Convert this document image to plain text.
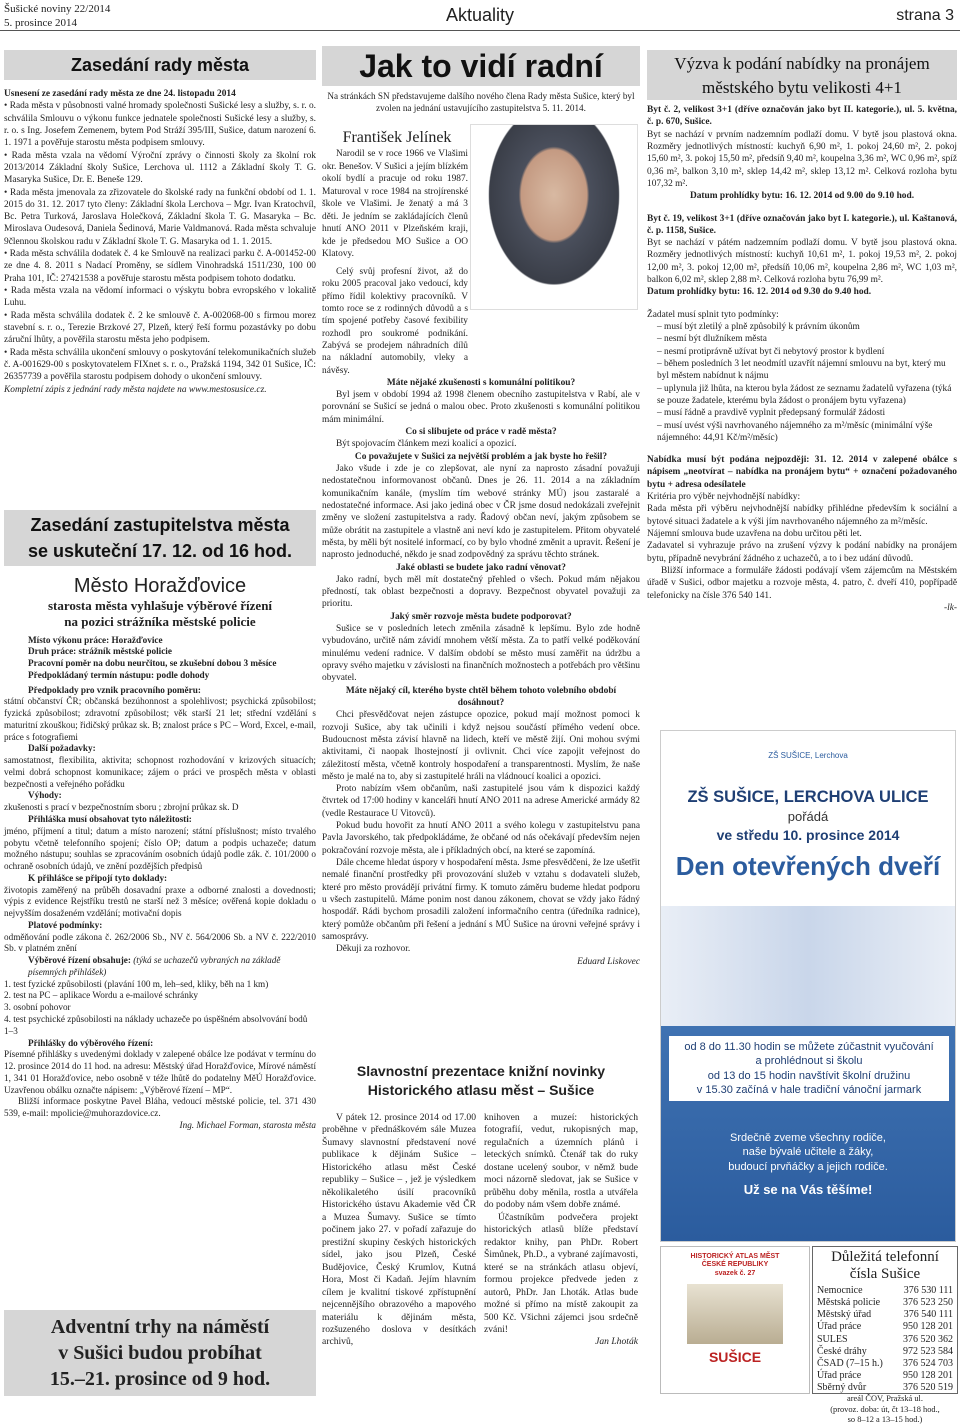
Šušické noviny 22/2014
5. prosince 2014	Aktuality	strana 3
Zasedání rady města

Usnesení ze zasedání rady města ze dne 24. listopadu 2014

• Rada města v působnosti valné hromady společnosti Sušické lesy a služby, s. r. o. schválila Smlouvu o výkonu funkce jednatele společnosti Sušické lesy a služby, s. r. o. s Ing. Josefem Zemenem, bytem Pod Stráží 395/III, Sušice, datum narození 6. 1. 1971 a pověřuje starostu města podpisem smlouvy.

• Rada města vzala na vědomí Výroční zprávy o činnosti školy za školní rok 2013/2014 Základní školy Sušice, Lerchova ul. 1112 a Základní školy T. G. Masaryka Sušice, Dr. E. Beneše 129.

• Rada města jmenovala za zřizovatele do školské rady na funkční období od 1. 1. 2015 do 31. 12. 2017 tyto členy: Základní škola Lerchova – Mgr. Ivan Kratochvíl, Bc. Petra Turková, Jaroslava Holečková, Základní škola T. G. Masaryka – Bc. Miroslava Oudesová, Daniela Šedinová, Marie Valdmanová. Rada města schvaluje 9člennou školskou radu v Základní škole T. G. Masaryka od 1. 1. 2015.

• Rada města schválila dodatek č. 4 ke Smlouvě na realizaci parku č. A-001452-00 ze dne 4. 8. 2011 s Nadací Proměny, se sídlem Vinohradská 1511/230, 100 00 Praha 101, IČ: 27421538 a pověřuje starostu města podpisem tohoto dodatku.

• Rada města vzala na vědomí informaci o výskytu bobra evropského v lokalitě Luhu.

• Rada města schválila dodatek č. 2 ke smlouvě č. A-002068-00 s firmou morez stavební s. r. o., Terezie Brzkové 27, Plzeň, který řeší formu pozastávky po dobu záruční lhůty, a pověřila starostu města jeho podpisem.

• Rada města schválila ukončení smlouvy o poskytování telekomunikačních služeb č. A-001629-00 s poskytovatelem FIXnet s. r. o., Pražská 1194, 342 01 Sušice, IČ: 26357739 a pověřila starostu podpisem dohody o ukončení smlouvy.

Kompletní zápis z jednání rady města najdete na www.mestosusice.cz.

Zasedání zastupitelstva města
se uskuteční 17. 12. od 16 hod.
Město Horažďovice
starosta města vyhlašuje výběrové řízení
na pozici strážníka městské policie
Místo výkonu práce: Horažďovice
Druh práce: strážník městské policie
Pracovní poměr na dobu neurčitou, se zkušební dobou 3 měsíce
Předpokládaný termín nástupu: podle dohody
Předpoklady pro vznik pracovního poměru:

státní občanství ČR; občanská bezúhonnost a spolehlivost; psychická způsobilost; fyzická způsobilost; zdravotní způsobilost; věk starší 21 let; střední vzdělání s maturitní zkouškou; řidičský průkaz sk. B; znalost práce s PC – Word, Excel, e-mail, práce s fotografiemi

Další požadavky:

samostatnost, flexibilita, aktivita; schopnost rozhodování v krizových situacích; velmi dobrá schopnost komunikace; zájem o práci ve prospěch města v oblasti bezpečnosti a veřejného pořádku

Výhody:

zkušenosti s prací v bezpečnostním sboru ; zbrojní průkaz sk. D

Přihláška musí obsahovat tyto náležitosti:

jméno, příjmení a titul; datum a místo narození; státní příslušnost; místo trvalého pobytu včetně telefonního spojení; číslo OP; datum a podpis uchazeče; datum možného nástupu; souhlas se zpracováním osobních údajů podle zák. č. 101/2000 o ochraně osobních údajů, ve znění pozdějších předpisů

K přihlášce se připojí tyto doklady:

životopis zaměřený na průběh dosavadní praxe a odborné znalosti a dovednosti; výpis z evidence Rejstříku trestů ne starší než 3 měsíce; ověřená kopie dokladu o nejvyšším dosaženém vzdělání; motivační dopis

Platové podmínky:

odměňování podle zákona č. 262/2006 Sb., NV č. 564/2006 Sb. a NV č. 222/2010 Sb. v platném znění

Výběrové řízení obsahuje: (týká se uchazečů vybraných na základě písemných přihlášek)
1. test fyzické způsobilosti (plavání 100 m, leh–sed, kliky, běh na 1 km)
2. test na PC – aplikace Wordu a e-mailové schránky
3. osobní pohovor
4. test psychické způsobilosti na náklady uchazeče po úspěšném absolvování bodů 1–3
Přihlášky do výběrového řízení:

Písemné přihlášky s uvedenými doklady v zalepené obálce lze podávat v termínu do 12. prosince 2014 do 11 hod. na adresu: Městský úřad Horažďovice, Mírové náměstí 1, 341 01 Horažďovice, nebo osobně v téže lhůtě do podatelny MěÚ Horažďovice. Uzavřenou obálku označte nápisem: „Výběrové řízení – MP“.

Bližší informace poskytne Pavel Bláha, vedoucí městské policie, tel. 371 430 539, e-mail: mpolicie@muhorazdovice.cz.

Ing. Michael Forman, starosta města
Adventní trhy na náměstí
v Sušici budou probíhat
15.–21. prosince od 9 hod.
Jak to vidí radní
Na stránkách SN představujeme dalšího nového člena Rady města Sušice, který byl zvolen na jednání ustavujícího zastupitelstva 5. 11. 2014.
František Jelínek

Narodil se v roce 1966 ve Vlašimi okr. Benešov. V Sušici a jejím blízkém okolí bydlí a pracuje od roku 1987. Maturoval v roce 1984 na strojírenské škole ve Vlašimi. Je ženatý a má 3 děti. Je jedním se zakládajících členů hnutí ANO 2011 v Plzeňském kraji, kde je předsedou MO Sušice a OO Klatovy.

Celý svůj profesní život, až do roku 2005 pracoval jako vedoucí, kdy přímo řídil kolektivy pracovníků. V tomto roce se z rodinných důvodů a s tím spojené potřeby časové fexibility rozhodl pro soukromé podnikání. Zabývá se prodejem náhradních dílů na nákladní automobily, vleky a návěsy.

Máte nějaké zkušenosti s komunální politikou?

Byl jsem v období 1994 až 1998 členem obecního zastupitelstva v Rabí, ale v porovnání se Sušicí se jedná o malou obec. Proto zkušenosti s komunální politikou mám minimální.

Co si slibujete od práce v radě města?

Být spojovacím článkem mezi koalicí a opozicí.

Co považujete v Sušici za největší problém a jak byste ho řešil?

Jako všude i zde je co zlepšovat, ale nyní za naprosto zásadní považuji nedostatečnou informovanost občanů. Dnes je 26. 11. 2014 a na základním komunikačním kanále, (myslím tím webové stránky MÚ) jsou zastaralé a nedostatečné informace. Asi jako jediná obec v ČR jsme dosud nedokázali zveřejnit změny ve složení zastupitelstva a rady. Řadový občan neví, jakým způsobem se může obrátit na zastupitele a vlastně ani neví kdo je zastupitelem. Přitom obyvatelé města, by měli být nositelé informací, co by bylo vhodné změnit a upravit. Řešení je naprosto jednoduché, někdo je snad zodpovědný za správu těchto stránek.

Jaké oblasti se budete jako radní věnovat?

Jako radní, bych měl mít dostatečný přehled o všech. Pokud mám nějakou předností, tak oblast bezpečnosti a dopravy. Bezpečnost obyvatel považuji za prioritu.

Jaký směr rozvoje města budete podporovat?

Sušice se v posledních letech změnila zásadně k lepšímu. Bylo zde hodně vybudováno, určitě nám závidí mnohem větší města. Za to patří velké poděkování minulému vedení radnice. V dalším období se město musí zaměřit na údržbu a opravy svého majetku v závislosti na finančních možnostech a potřebách pro většinu obyvatel.

Máte nějaký cíl, kterého byste chtěl během tohoto volebního období dosáhnout?

Chci přesvědčovat nejen zástupce opozice, pokud mají možnost pomoci k rozvoji Sušice, aby tak učinili i když nejsou součástí přímého vedení obce. Budoucnost města závisí hlavně na lidech, kteří ve městě žijí. Oni mohou svými aktivitami, či naopak lhostejností ji ovlivnit. Chci více zapojit veřejnost do záležitostí města, včetně kontroly hospodaření a transparentnosti. Myslím, že naše město je malé na to, aby si zastupitelé hráli na vládnoucí koalici a opozici.

Proto nabízím všem občanům, naši zastupitelé jsou vám k dispozici každý čtvrtek od 17:00 hodiny v kanceláři hnutí ANO 2011 na adrese Americké armády 82 (vedle Restaurace U Vitovců).

Pokud budu hovořit za hnutí ANO 2011 a svého kolegu v zastupitelstvu pana Pavla Javorského, tak předpokládáme, že občané od nás očekávají především nejen pokračování rozvoje města, ale i příkladných obcí, na které se zapomíná.

Dále chceme hledat úspory v hospodaření města. Jsme přesvědčeni, že lze ušetřit nemalé finanční prostředky při provozování služeb v vztahu s dodavateli služeb, které pro město provádějí privátní firmy. K tomuto záměru budeme hledat podporu u všech zastupitelů. Máme ponim nost danou zákonem, chovat se vždy jako řádný hospodář. Rádi bychom prosadili založení informačního centra (úředníka radnice), který pomůže občanům při řešení a jednání s MÚ Sušice na úrovni veřejné správy i samosprávy.

Děkuji za rozhovor.

Eduard Liskovec
Slavnostní prezentace knižní novinky
Historického atlasu měst – Sušice

V pátek 12. prosince 2014 od 17.00 proběhne v přednáškovém sále Muzea Šumavy slavnostní představení nové publikace k dějinám Sušice – Historického atlasu měst České republiky – Sušice – , jež je výsledkem několikaletého úsilí pracovníků Historického ústavu Akademie věd ČR a Muzea Šumavy. Sušice se tímto počinem jako 27. v pořadí zařazuje do prestižní skupiny českých historických sídel, jako jsou Plzeň, České Budějovice, Český Krumlov, Kutná Hora, Most či Kadaň. Jejím hlavním cílem je kvalitní tiskové zpřístupnění nejcennějšího obrazového a mapového materiálu k dějinám města, rozšuzeného doslova v desítkách archivů,

knihoven a muzeí: historických fotografií, vedut, rukopisných map, regulačních a územních plánů i leteckých snímků. Čtenář tak do ruky dostane ucelený soubor, v němž bude moci názorně sledovat, jak se Sušice v průběhu doby měnila, rostla a utvářela do podoby nám všem dobře známé.

Účastníkům podvečera projekt historických atlasů blíže představí redaktor knihy, pan PhDr. Robert Šimůnek, Ph.D., a vybrané zajímavosti, které se na stránkách atlasu objeví, formou projekce předvede jeden z autorů, PhDr. Jan Lhoták. Atlas bude možné si přímo na místě zakoupit za 500 Kč. Všichni zájemci jsou srdečně zváni!

Jan Lhoták
Výzva k podání nabídky na pronájem
městského bytu velikosti 4+1

Byt č. 2, velikost 3+1 (dříve označován jako byt II. kategorie.), ul. 5. května, č. p. 670, Sušice.

Byt se nachází v prvním nadzemním podlaží domu. V bytě jsou plastová okna. Rozměry jednotlivých místností: kuchyň 6,90 m², 1. pokoj 24,60 m², 2. pokoj 15,60 m², 3. pokoj 15,50 m², předsíň 9,40 m², koupelna 3,36 m², WC 0,96 m², spíž 0,36 m², balkon 3,10 m², sklep 14,42 m², sklep 13,12 m². Celková rozloha bytu 107,32 m².

Datum prohlídky bytu: 16. 12. 2014 od 9.00 do 9.10 hod.

Byt č. 19, velikost 3+1 (dříve označován jako byt I. kategorie.), ul. Kaštanová, č. p. 1158, Sušice.

Byt se nachází v pátém nadzemním podlaží domu. V bytě jsou plastová okna. Rozměry jednotlivých místností: kuchyň 10,61 m², 1. pokoj 19,53 m², 2. pokoj 12,00 m², 3. pokoj 12,00 m², předsíň 10,06 m², koupelna 2,86 m², WC 1,03 m², balkon 6,02 m², sklep 2,88 m². Celková rozloha bytu 76,99 m².

Datum prohlídky bytu: 16. 12. 2014 od 9.30 do 9.40 hod.
Žadatel musí splnit tyto podmínky:
– musí být zletilý a plně způsobilý k právním úkonům
– nesmí být dlužníkem města
– nesmí protiprávně užívat byt či nebytový prostor k bydlení
– během posledních 3 let neodmítl uzavřít nájemní smlouvu na byt, který mu byl městem nabídnut k nájmu
– uplynula již lhůta, na kterou byla žádost ze seznamu žadatelů vyřazena (týká se pouze žadatele, kterému byla žádost o pronájem bytu vyřazena)
– musí řádně a pravdivě vyplnit předepsaný formulář žádosti
– musí uvést výši navrhovaného nájemného za m²/měsíc (minimální výše nájemného: 44,91 Kč/m²/měsíc)

Nabídka musí být podána nejpozději: 31. 12. 2014 v zalepené obálce s nápisem „neotvírat – nabídka na pronájem bytu“ + označení požadovaného bytu + adresa odesílatele

Kritéria pro výběr nejvhodnější nabídky:

Rada města při výběru nejvhodnější nabídky přihlédne především k sociální a bytové situaci žadatele a k výši jím navrhovaného nájemného za m²/měsíc.

Nájemní smlouva bude uzavřena na dobu určitou pěti let.

Zadavatel si vyhrazuje právo na zrušení výzvy k podání nabídky na pronájem bytu, případně nevybrání žádného z uchazečů, a to i bez udání důvodů.

Bližší informace a formuláře žádosti podávají všem zájemcům na Městském úřadě v Sušici, odbor majetku a rozvoje města, 4. patro, č. dveří 410, popřípadě telefonicky na čísle 376 540 141.

-lk-
ZŠ SUŠICE, Lerchova
ZŠ SUŠICE, LERCHOVA ULICE
pořádá
ve středu 10. prosince 2014
Den otevřených dveří
od 8 do 11.30 hodin se můžete zúčastnit vyučování
a prohlédnout si školu
od 13 do 15 hodin navštívit školní družinu
v 15.30 začíná v hale tradiční vánoční jarmark
Srdečně zveme všechny rodiče,
naše bývalé učitele a žáky,
budoucí prvňáčky a jejich rodiče.
Už se na Vás těšíme!
HISTORICKÝ ATLAS MĚST
ČESKÉ REPUBLIKY
svazek č. 27
SUŠICE
Důležitá telefonní
čísla Sušice
Nemocnice	376 530 111
Městská policie 376 523 250
Městský úřad	376 540 111
Úřad práce	950 128 201
SULES	376 520 362
České dráhy	972 523 584
ČSAD (7–15 h.) 376 524 703
Úřad práce	950 128 201
Sběrný dvůr	376 520 519
areál ČOV, Pražská ul.
(provoz. doba: út, čt 13–18 hod.,
so 8–12 a 13–15 hod.)
